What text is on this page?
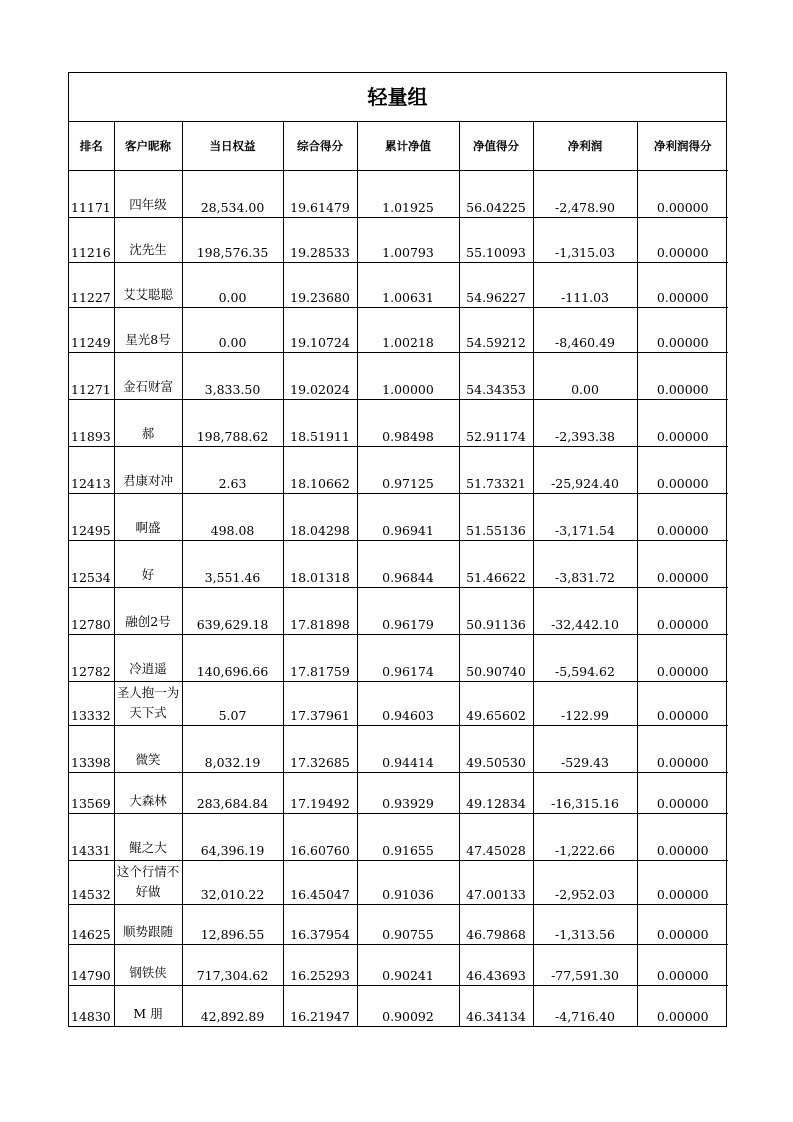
轻量组
排名	客户昵称	当日权益	综合得分	累计净值	净值得分	净利润	净利润得分
11171	四年级	28,534.00	19.61479	1.01925	56.04225	-2,478.90	0.00000
11216	沈先生	198,576.35	19.28533	1.00793	55.10093	-1,315.03	0.00000
11227	艾艾聪聪	0.00	19.23680	1.00631	54.96227	-111.03	0.00000
11249	星光8号	0.00	19.10724	1.00218	54.59212	-8,460.49	0.00000
11271	金石财富	3,833.50	19.02024	1.00000	54.34353	0.00	0.00000
11893	郝	198,788.62	18.51911	0.98498	52.91174	-2,393.38	0.00000
12413	君康对冲	2.63	18.10662	0.97125	51.73321	-25,924.40	0.00000
12495	啊盛	498.08	18.04298	0.96941	51.55136	-3,171.54	0.00000
12534	好	3,551.46	18.01318	0.96844	51.46622	-3,831.72	0.00000
12780	融创2号	639,629.18	17.81898	0.96179	50.91136	-32,442.10	0.00000
12782	冷逍遥	140,696.66	17.81759	0.96174	50.90740	-5,594.62	0.00000
13332	圣人抱一为天下式	5.07	17.37961	0.94603	49.65602	-122.99	0.00000
13398	微笑	8,032.19	17.32685	0.94414	49.50530	-529.43	0.00000
13569	大森林	283,684.84	17.19492	0.93929	49.12834	-16,315.16	0.00000
14331	鲲之大	64,396.19	16.60760	0.91655	47.45028	-1,222.66	0.00000
14532	这个行情不好做	32,010.22	16.45047	0.91036	47.00133	-2,952.03	0.00000
14625	顺势跟随	12,896.55	16.37954	0.90755	46.79868	-1,313.56	0.00000
14790	钢铁侠	717,304.62	16.25293	0.90241	46.43693	-77,591.30	0.00000
14830	M 朋	42,892.89	16.21947	0.90092	46.34134	-4,716.40	0.00000
